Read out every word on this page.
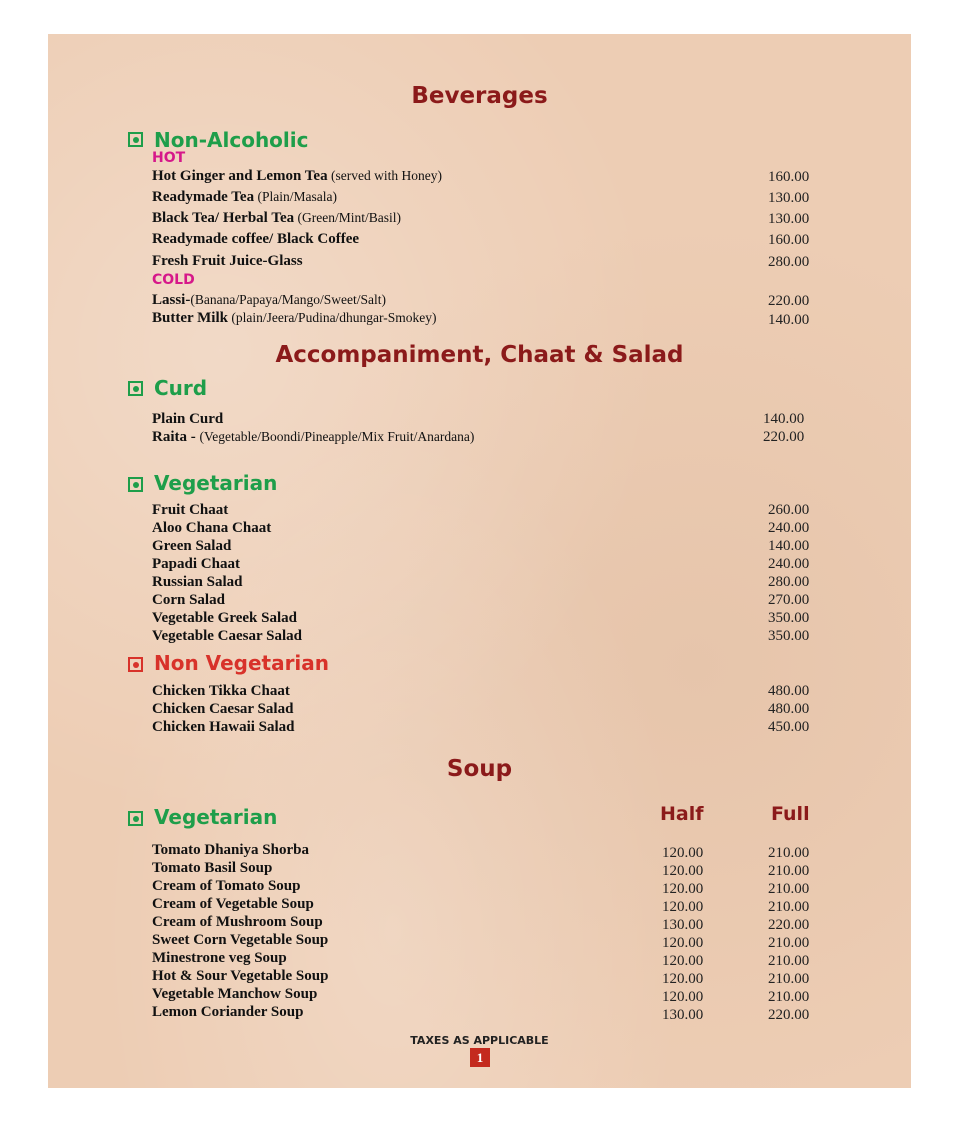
Beverages
Non-Alcoholic
HOT
Hot Ginger and Lemon Tea (served with Honey)	160.00
Readymade Tea (Plain/Masala)	130.00
Black Tea/ Herbal Tea (Green/Mint/Basil)	130.00
Readymade coffee/ Black Coffee	160.00
Fresh Fruit Juice-Glass	280.00
COLD
Lassi-(Banana/Papaya/Mango/Sweet/Salt)	220.00
Butter Milk (plain/Jeera/Pudina/dhungar-Smokey)	140.00
Accompaniment, Chaat & Salad
Curd
Plain Curd	140.00
Raita - (Vegetable/Boondi/Pineapple/Mix Fruit/Anardana)	220.00
Vegetarian
Fruit Chaat	260.00
Aloo Chana Chaat	240.00
Green Salad	140.00
Papadi Chaat	240.00
Russian Salad	280.00
Corn Salad	270.00
Vegetable Greek Salad	350.00
Vegetable Caesar Salad	350.00
Non Vegetarian
Chicken Tikka Chaat	480.00
Chicken Caesar Salad	480.00
Chicken Hawaii Salad	450.00
Soup
Vegetarian	Half	Full
Tomato Dhaniya Shorba	120.00	210.00
Tomato Basil Soup	120.00	210.00
Cream of Tomato Soup	120.00	210.00
Cream of Vegetable Soup	120.00	210.00
Cream of Mushroom Soup	130.00	220.00
Sweet Corn Vegetable Soup	120.00	210.00
Minestrone veg Soup	120.00	210.00
Hot & Sour Vegetable Soup	120.00	210.00
Vegetable Manchow Soup	120.00	210.00
Lemon Coriander Soup	130.00	220.00
TAXES AS APPLICABLE
1
